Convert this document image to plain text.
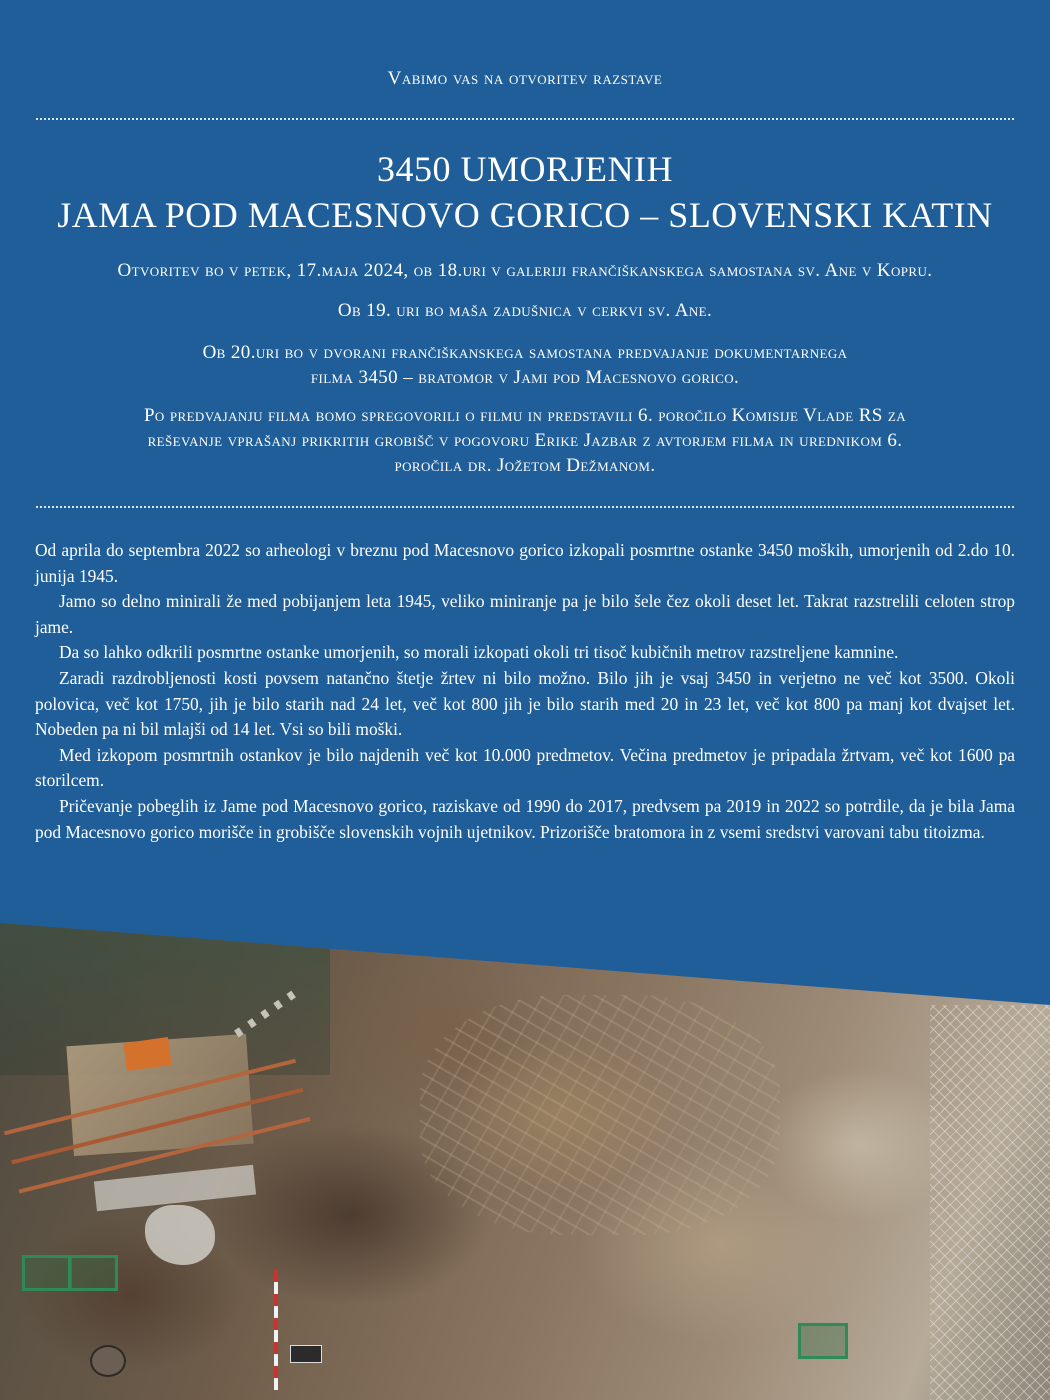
Vabimo vas na otvoritev razstave
3450 UMORJENIH
JAMA POD MACESNOVO GORICO – SLOVENSKI KATIN

Otvoritev bo v petek, 17.maja 2024, ob 18.uri v galeriji frančiškanskega samostana sv. Ane v Kopru.

Ob 19. uri bo maša zadušnica v cerkvi sv. Ane.

Ob 20.uri bo v dvorani frančiškanskega samostana predvajanje dokumentarnega
filma 3450 – bratomor v Jami pod Macesnovo gorico.

Po predvajanju filma bomo spregovorili o filmu in predstavili 6. poročilo Komisije Vlade RS za
reševanje vprašanj prikritih grobišč v pogovoru Erike Jazbar z avtorjem filma in urednikom 6.
poročila dr. Jožetom Dežmanom.

Od aprila do septembra 2022 so arheologi v breznu pod Macesnovo gorico izkopali posmrtne ostanke 3450 moških, umorjenih od 2.do 10. junija 1945.

Jamo so delno minirali že med pobijanjem leta 1945, veliko miniranje pa je bilo šele čez okoli deset let. Takrat razstrelili celoten strop jame.

Da so lahko odkrili posmrtne ostanke umorjenih, so morali izkopati okoli tri tisoč kubičnih metrov razstreljene kamnine.

Zaradi razdrobljenosti kosti povsem natančno štetje žrtev ni bilo možno. Bilo jih je vsaj 3450 in verjetno ne več kot 3500. Okoli polovica, več kot 1750, jih je bilo starih nad 24 let, več kot 800 jih je bilo starih med 20 in 23 let, več kot 800 pa manj kot dvajset let. Nobeden pa ni bil mlajši od 14 let. Vsi so bili moški.

Med izkopom posmrtnih ostankov je bilo najdenih več kot 10.000 predmetov. Večina predmetov je pripadala žrtvam, več kot 1600 pa storilcem.

Pričevanje pobeglih iz Jame pod Macesnovo gorico, raziskave od 1990 do 2017, predvsem pa 2019 in 2022 so potrdile, da je bila Jama pod Macesnovo gorico morišče in grobišče slovenskih vojnih ujetnikov. Prizorišče bratomora in z vsemi sredstvi varovani tabu titoizma.
